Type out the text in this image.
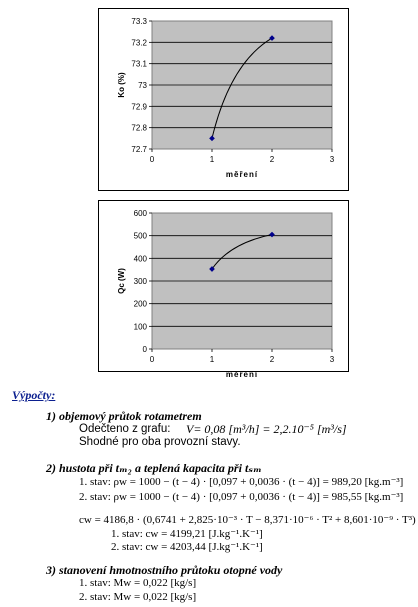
72.7
72.8
72.9
73
73.1
73.2
73.3
0	1	2	3
měření
Ko (%)
0
100
200
300
400
500
600
0	1	2	3
měření
Qc (W)
Výpočty:
1) objemový průtok rotametrem
Odečteno z grafu: V= 0,08 [m³/h] = 2,2.10⁻⁵ [m³/s]
Shodné pro oba provozní stavy.
2) hustota při tₘ₂ a teplená kapacita při tₛₘ
1. stav: ρw = 1000 − (t − 4) · [0,097 + 0,0036 · (t − 4)] = 989,20 [kg.m⁻³]
2. stav: ρw = 1000 − (t − 4) · [0,097 + 0,0036 · (t − 4)] = 985,55 [kg.m⁻³]
cw = 4186,8 · (0,6741 + 2,825·10⁻³ · T − 8,371·10⁻⁶ · T² + 8,601·10⁻⁹ · T³)
1. stav: cw = 4199,21 [J.kg⁻¹.K⁻¹]
2. stav: cw = 4203,44 [J.kg⁻¹.K⁻¹]
3) stanovení hmotnostního průtoku otopné vody
1. stav: Mw = 0,022 [kg/s]
2. stav: Mw = 0,022 [kg/s]
